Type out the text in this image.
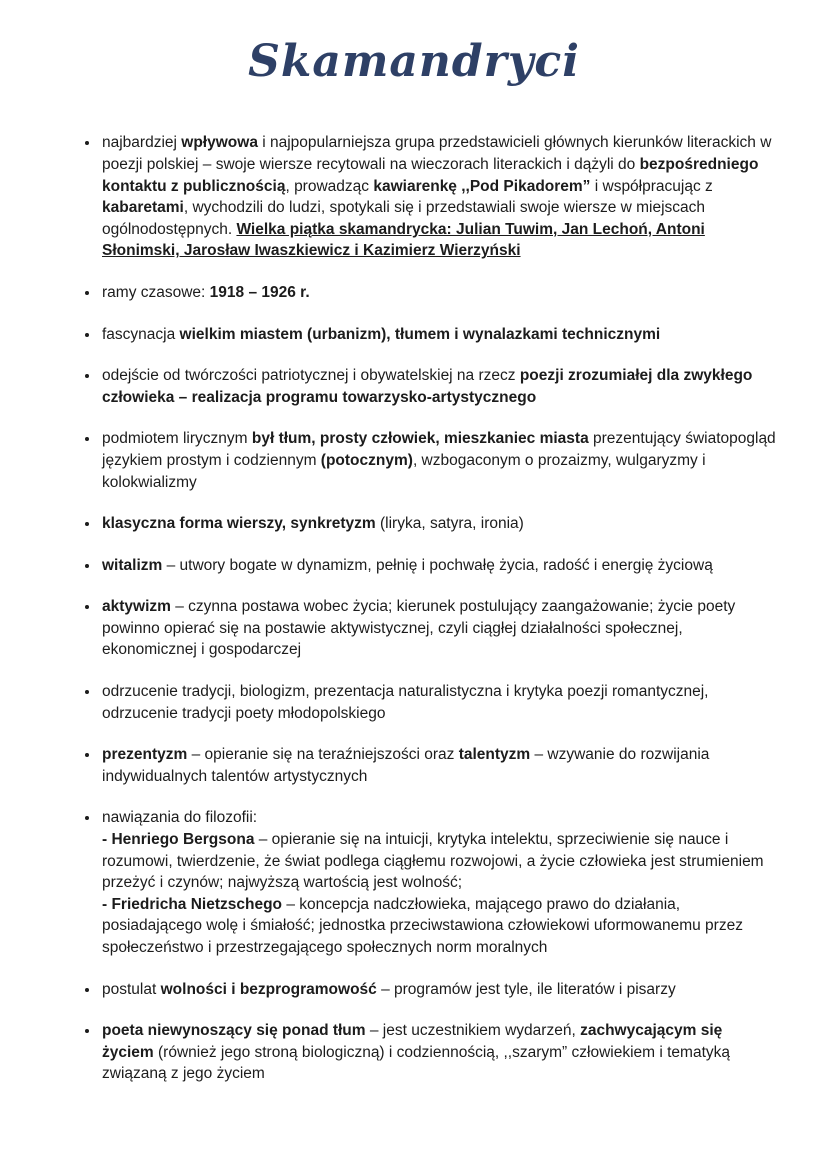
Skamandryci
• najbardziej wpływowa i najpopularniejsza grupa przedstawicieli głównych kierunków literackich w poezji polskiej – swoje wiersze recytowali na wieczorach literackich i dążyli do bezpośredniego kontaktu z publicznością, prowadząc kawiarenkę ,,Pod Pikadorem” i współpracując z kabaretami, wychodzili do ludzi, spotykali się i przedstawiali swoje wiersze w miejscach ogólnodostępnych. Wielka piątka skamandrycka: Julian Tuwim, Jan Lechoń, Antoni Słonimski, Jarosław Iwaszkiewicz i Kazimierz Wierzyński
• ramy czasowe: 1918 – 1926 r.
• fascynacja wielkim miastem (urbanizm), tłumem i wynalazkami technicznymi
• odejście od twórczości patriotycznej i obywatelskiej na rzecz poezji zrozumiałej dla zwykłego człowieka – realizacja programu towarzysko-artystycznego
• podmiotem lirycznym był tłum, prosty człowiek, mieszkaniec miasta prezentujący światopogląd językiem prostym i codziennym (potocznym), wzbogaconym o prozaizmy, wulgaryzmy i kolokwializmy
• klasyczna forma wierszy, synkretyzm (liryka, satyra, ironia)
• witalizm – utwory bogate w dynamizm, pełnię i pochwałę życia, radość i energię życiową
• aktywizm – czynna postawa wobec życia; kierunek postulujący zaangażowanie; życie poety powinno opierać się na postawie aktywistycznej, czyli ciągłej działalności społecznej, ekonomicznej i gospodarczej
• odrzucenie tradycji, biologizm, prezentacja naturalistyczna i krytyka poezji romantycznej, odrzucenie tradycji poety młodopolskiego
• prezentyzm – opieranie się na teraźniejszości oraz talentyzm – wzywanie do rozwijania indywidualnych talentów artystycznych
• nawiązania do filozofii:
- Henriego Bergsona – opieranie się na intuicji, krytyka intelektu, sprzeciwienie się nauce i rozumowi, twierdzenie, że świat podlega ciągłemu rozwojowi, a życie człowieka jest strumieniem przeżyć i czynów; najwyższą wartością jest wolność;
- Friedricha Nietzschego – koncepcja nadczłowieka, mającego prawo do działania, posiadającego wolę i śmiałość; jednostka przeciwstawiona człowiekowi uformowanemu przez społeczeństwo i przestrzegającego społecznych norm moralnych
• postulat wolności i bezprogramowość – programów jest tyle, ile literatów i pisarzy
• poeta niewynoszący się ponad tłum – jest uczestnikiem wydarzeń, zachwycającym się życiem (również jego stroną biologiczną) i codziennością, ,,szarym” człowiekiem i tematyką związaną z jego życiem
